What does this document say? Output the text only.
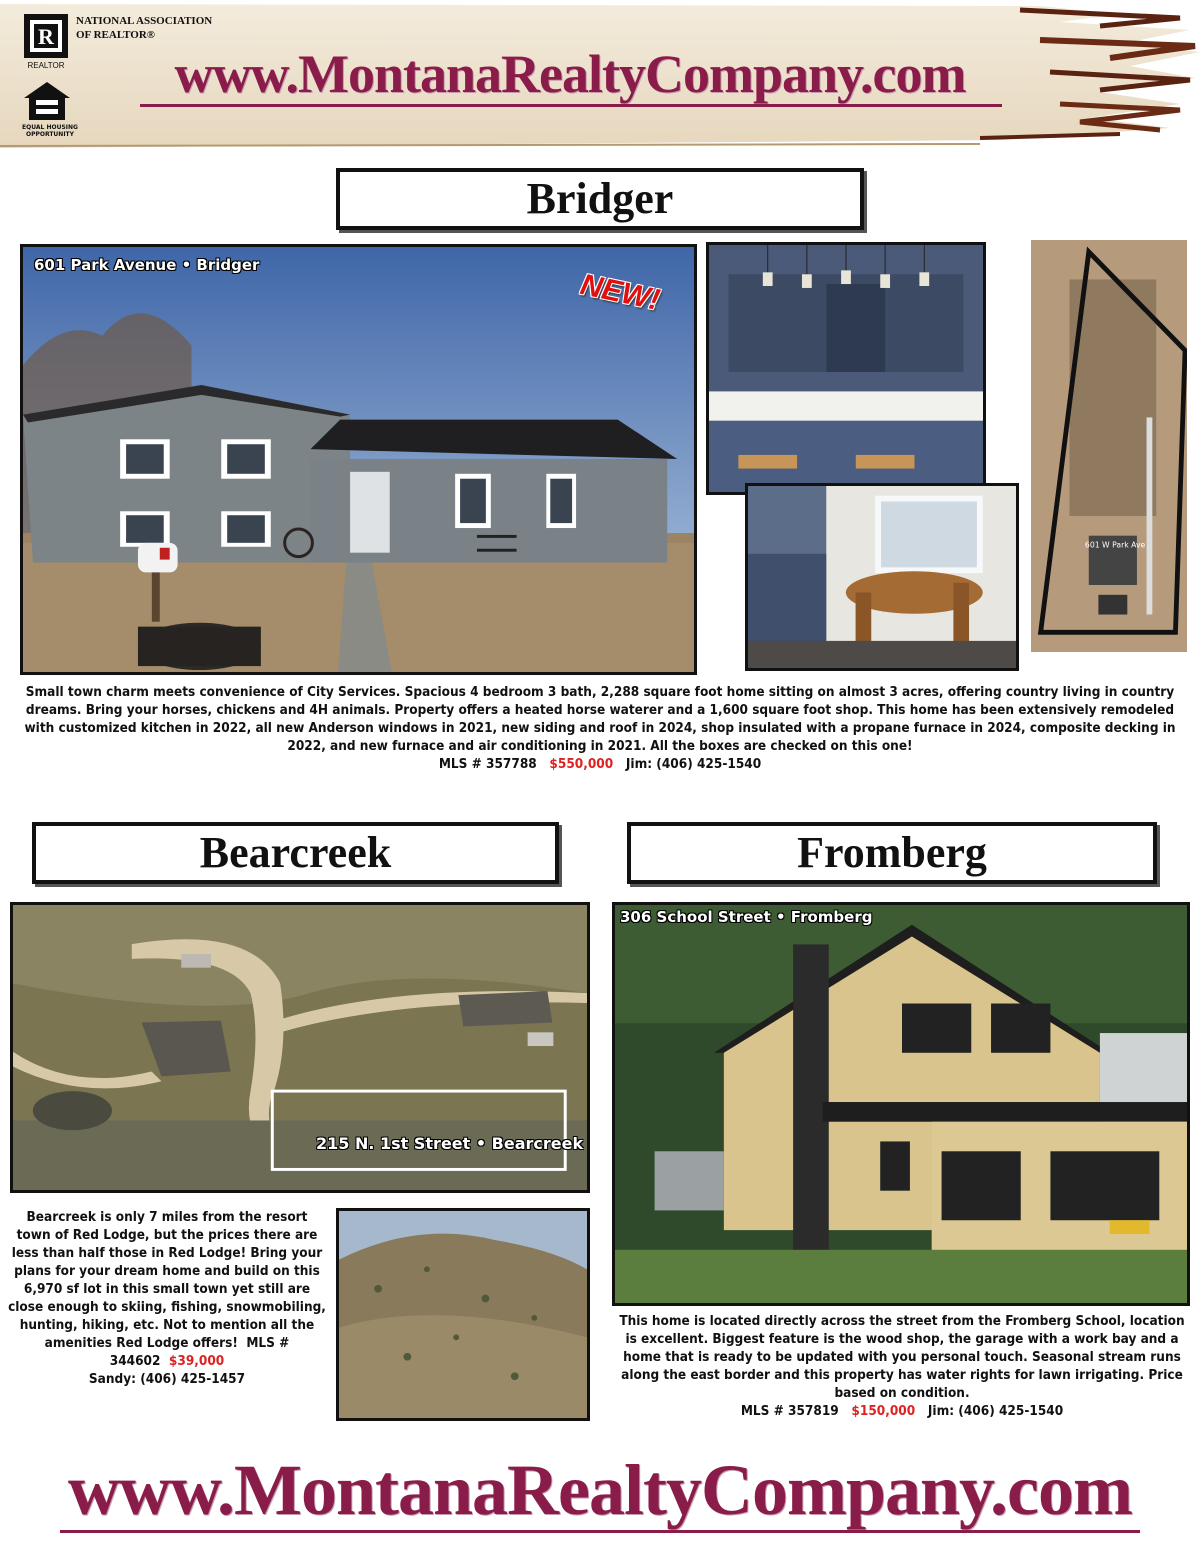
R
REALTOR
NATIONAL ASSOCIATION
OF REALTOR®
EQUAL HOUSING
OPPORTUNITY
www.MontanaRealtyCompany.com
Bridger
601 Park Avenue • Bridger
NEW!
601 W Park Ave
Small town charm meets convenience of City Services. Spacious 4 bedroom 3 bath, 2,288 square foot home sitting on almost 3 acres, offering country living in country dreams. Bring your horses, chickens and 4H animals. Property offers a heated horse waterer and a 1,600 square foot shop. This home has been extensively remodeled with customized kitchen in 2022, all new Anderson windows in 2021, new siding and roof in 2024, shop insulated with a propane furnace in 2024, composite decking in 2022, and new furnace and air conditioning in 2021. All the boxes are checked on this one!
MLS # 357788 $550,000 Jim: (406) 425-1540
Bearcreek
215 N. 1st Street • Bearcreek
Bearcreek is only 7 miles from the resort town of Red Lodge, but the prices there are less than half those in Red Lodge! Bring your plans for your dream home and build on this 6,970 sf lot in this small town yet still are close enough to skiing, fishing, snowmobiling, hunting, hiking, etc. Not to mention all the amenities Red Lodge offers! MLS # 344602 $39,000
Sandy: (406) 425-1457
Fromberg
306 School Street • Fromberg
This home is located directly across the street from the Fromberg School, location is excellent. Biggest feature is the wood shop, the garage with a work bay and a home that is ready to be updated with you personal touch. Seasonal stream runs along the east border and this property has water rights for lawn irrigating. Price based on condition.
MLS # 357819 $150,000 Jim: (406) 425-1540
www.MontanaRealtyCompany.com
